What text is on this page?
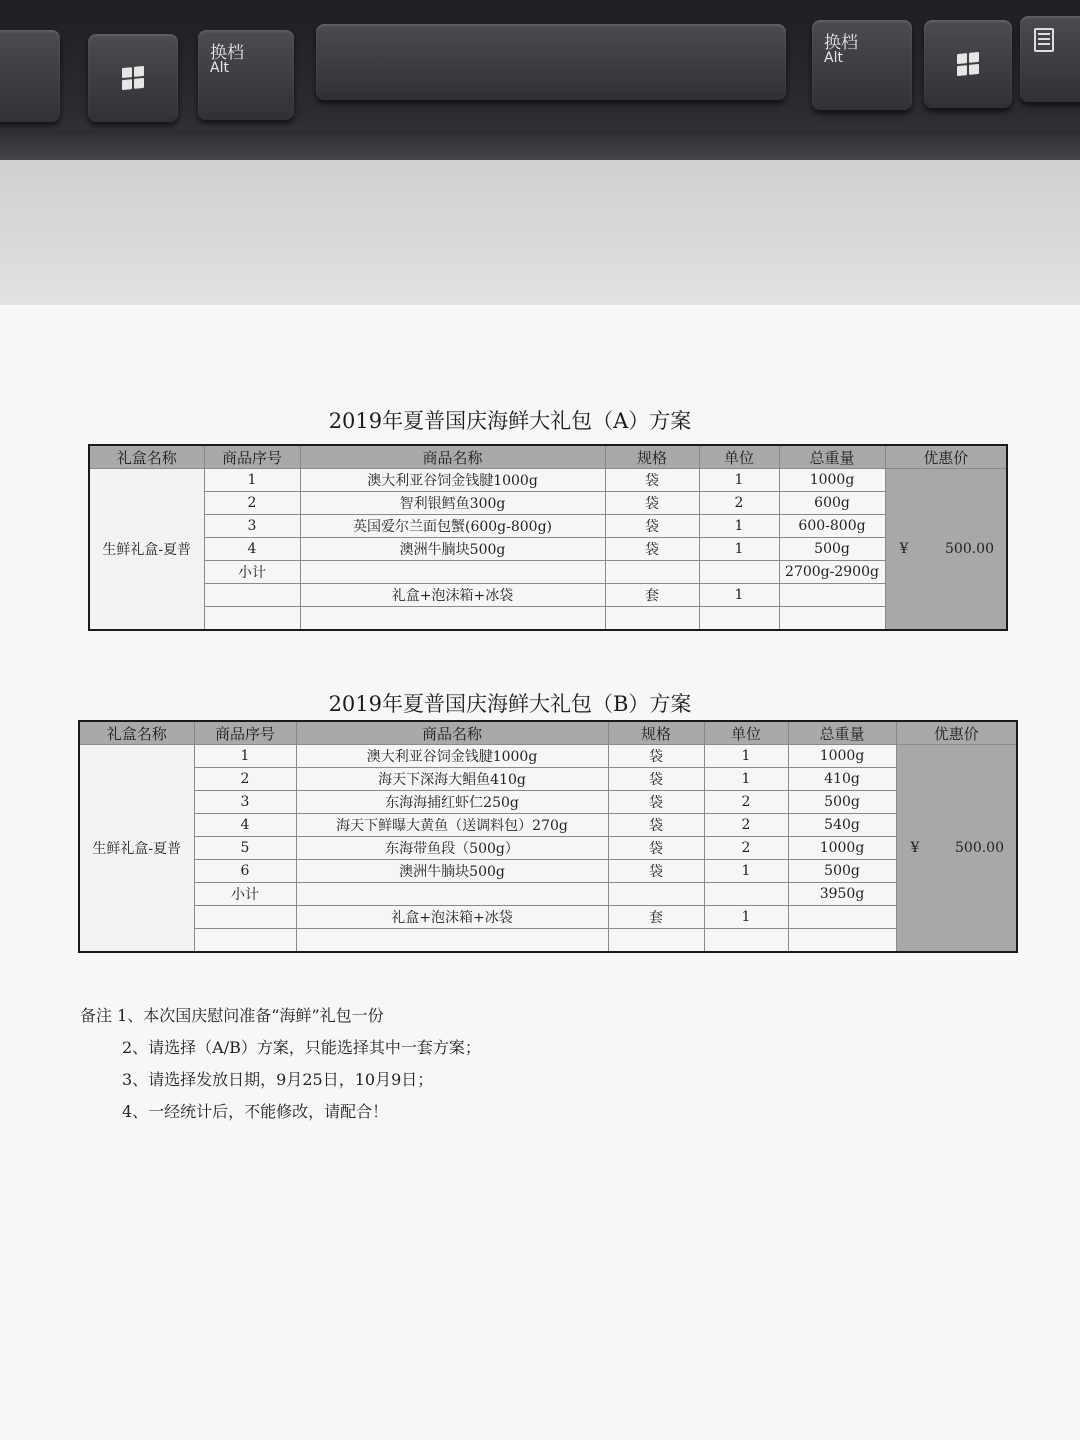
换档
Alt
换档
Alt
2019年夏普国庆海鲜大礼包（A）方案
礼盒名称	商品序号	商品名称	规格	单位	总重量	优惠价
生鲜礼盒-夏普	1	澳大利亚谷饲金钱腱1000g	袋	1	1000g	¥ 500.00

	2	智利银鳕鱼300g	袋	2	600g	
	3	英国爱尔兰面包蟹(600g-800g)	袋	1	600-800g	
	4	澳洲牛腩块500g	袋	1	500g	
	小计				2700g-2900g	
		礼盒+泡沫箱+冰袋	套	1		

2019年夏普国庆海鲜大礼包（B）方案
礼盒名称	商品序号	商品名称	规格	单位	总重量	优惠价
生鲜礼盒-夏普	1	澳大利亚谷饲金钱腱1000g	袋	1	1000g	¥ 500.00

	2	海天下深海大鲳鱼410g	袋	1	410g	
	3	东海海捕红虾仁250g	袋	2	500g	
	4	海天下鲜曝大黄鱼（送调料包）270g	袋	2	540g	
	5	东海带鱼段（500g）	袋	2	1000g	
	6	澳洲牛腩块500g	袋	1	500g	
	小计				3950g	
		礼盒+泡沫箱+冰袋	套	1		

备注 1、本次国庆慰问准备“海鲜”礼包一份
2、请选择（A/B）方案，只能选择其中一套方案；
3、请选择发放日期，9月25日，10月9日；
4、一经统计后，不能修改，请配合！
